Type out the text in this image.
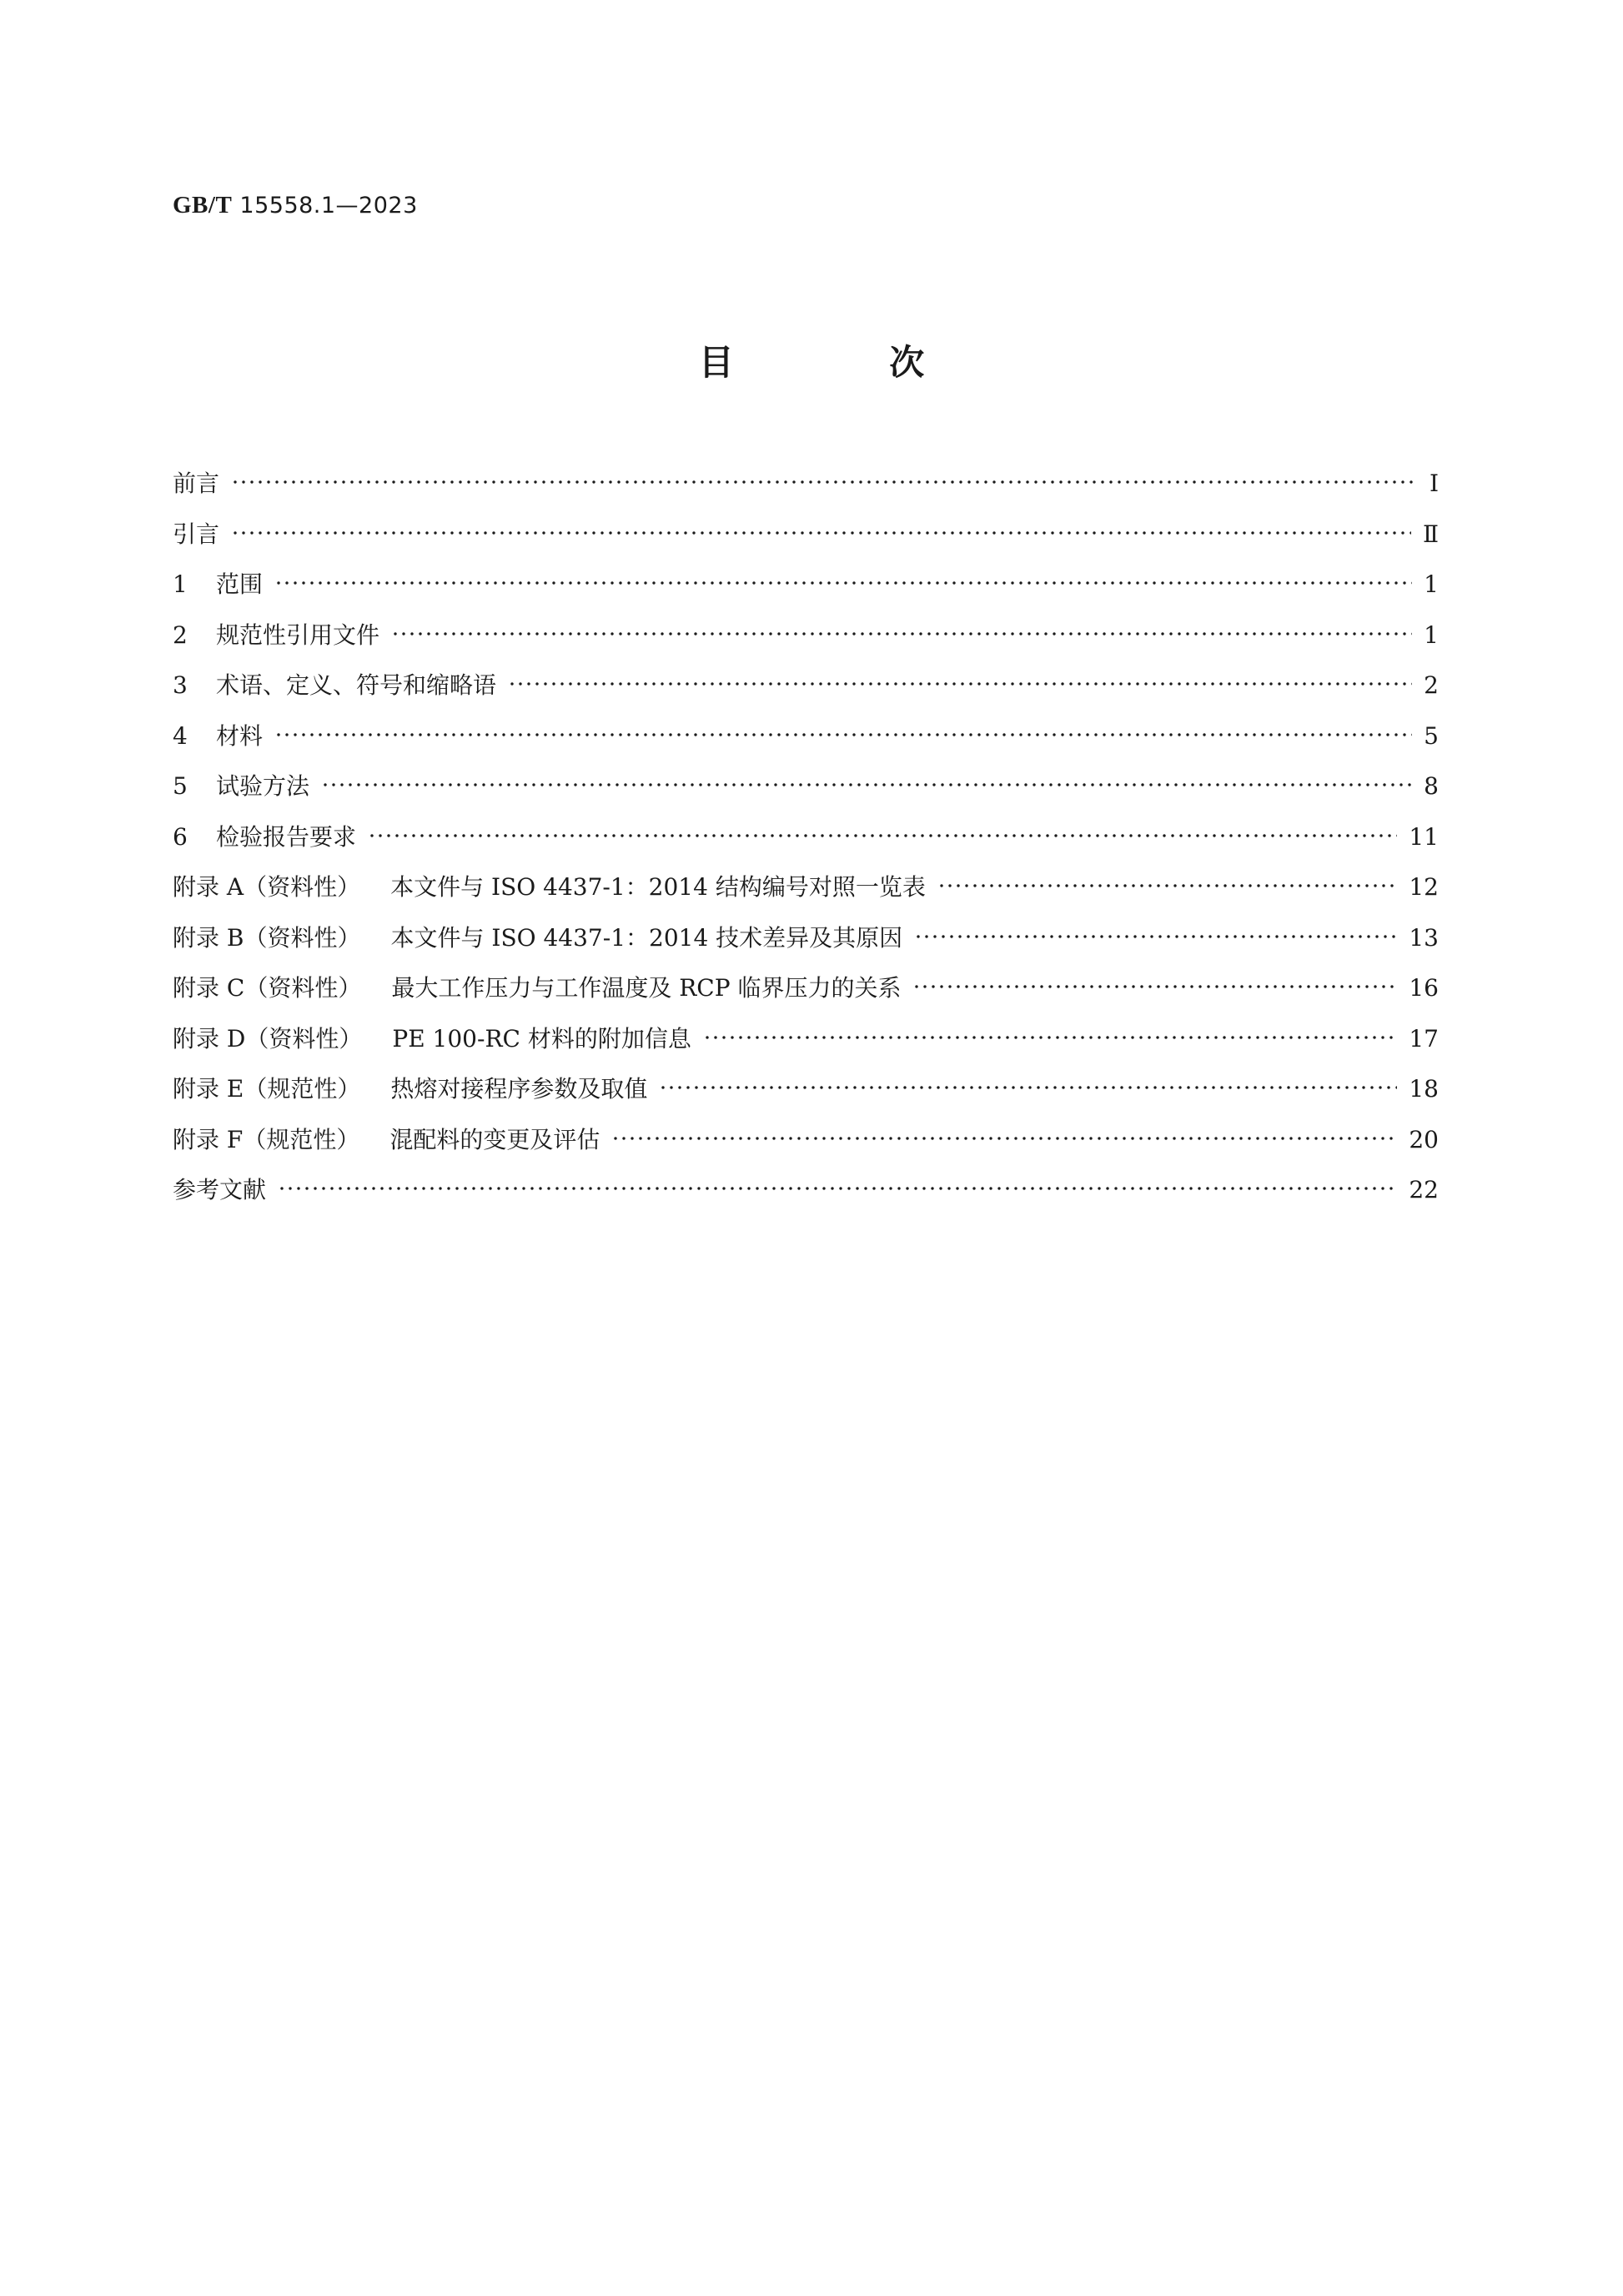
GB/T 15558.1—2023
目 次
前言	Ⅰ
引言	Ⅱ
1 范围	1
2 规范性引用文件	1
3 术语、定义、符号和缩略语	2
4 材料	5
5 试验方法	8
6 检验报告要求	11
附录 A（资料性） 本文件与 ISO 4437-1：2014 结构编号对照一览表	12
附录 B（资料性） 本文件与 ISO 4437-1：2014 技术差异及其原因	13
附录 C（资料性） 最大工作压力与工作温度及 RCP 临界压力的关系	16
附录 D（资料性） PE 100-RC 材料的附加信息	17
附录 E（规范性） 热熔对接程序参数及取值	18
附录 F（规范性） 混配料的变更及评估	20
参考文献	22
